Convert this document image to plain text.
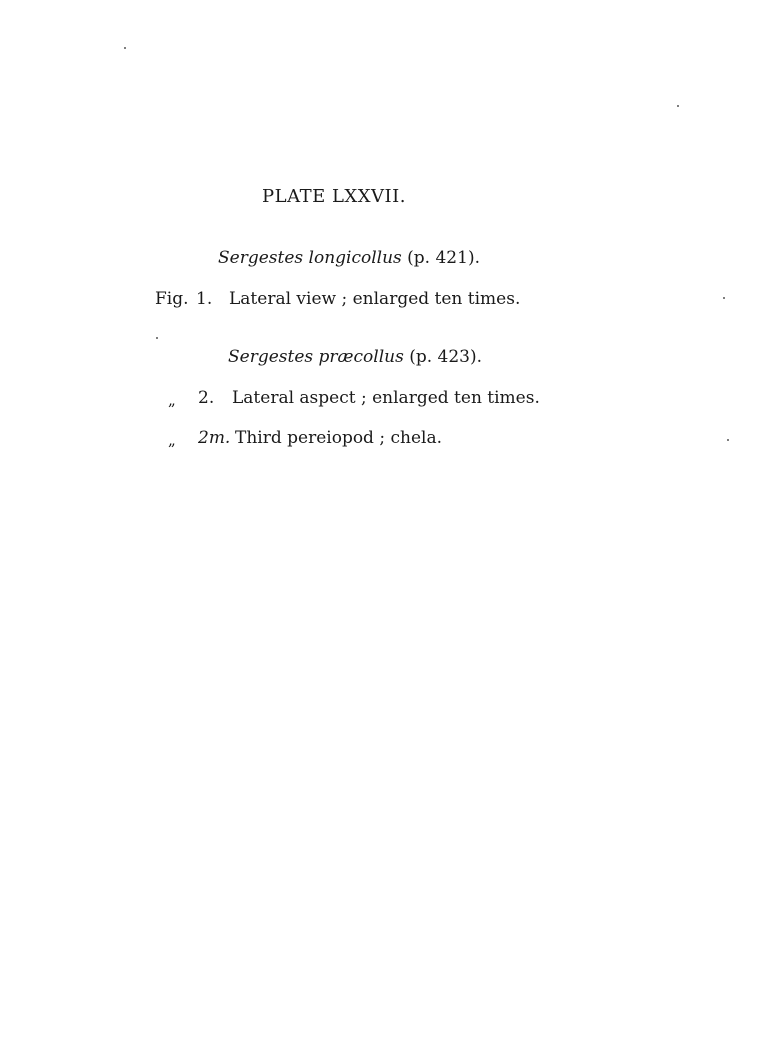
PLATE LXXVII.
Sergestes longicollus (p. 421).
Fig. 1. Lateral view ; enlarged ten times.
Sergestes præcollus (p. 423).
„ 2. Lateral aspect ; enlarged ten times.
„ 2m. Third pereiopod ; chela.
